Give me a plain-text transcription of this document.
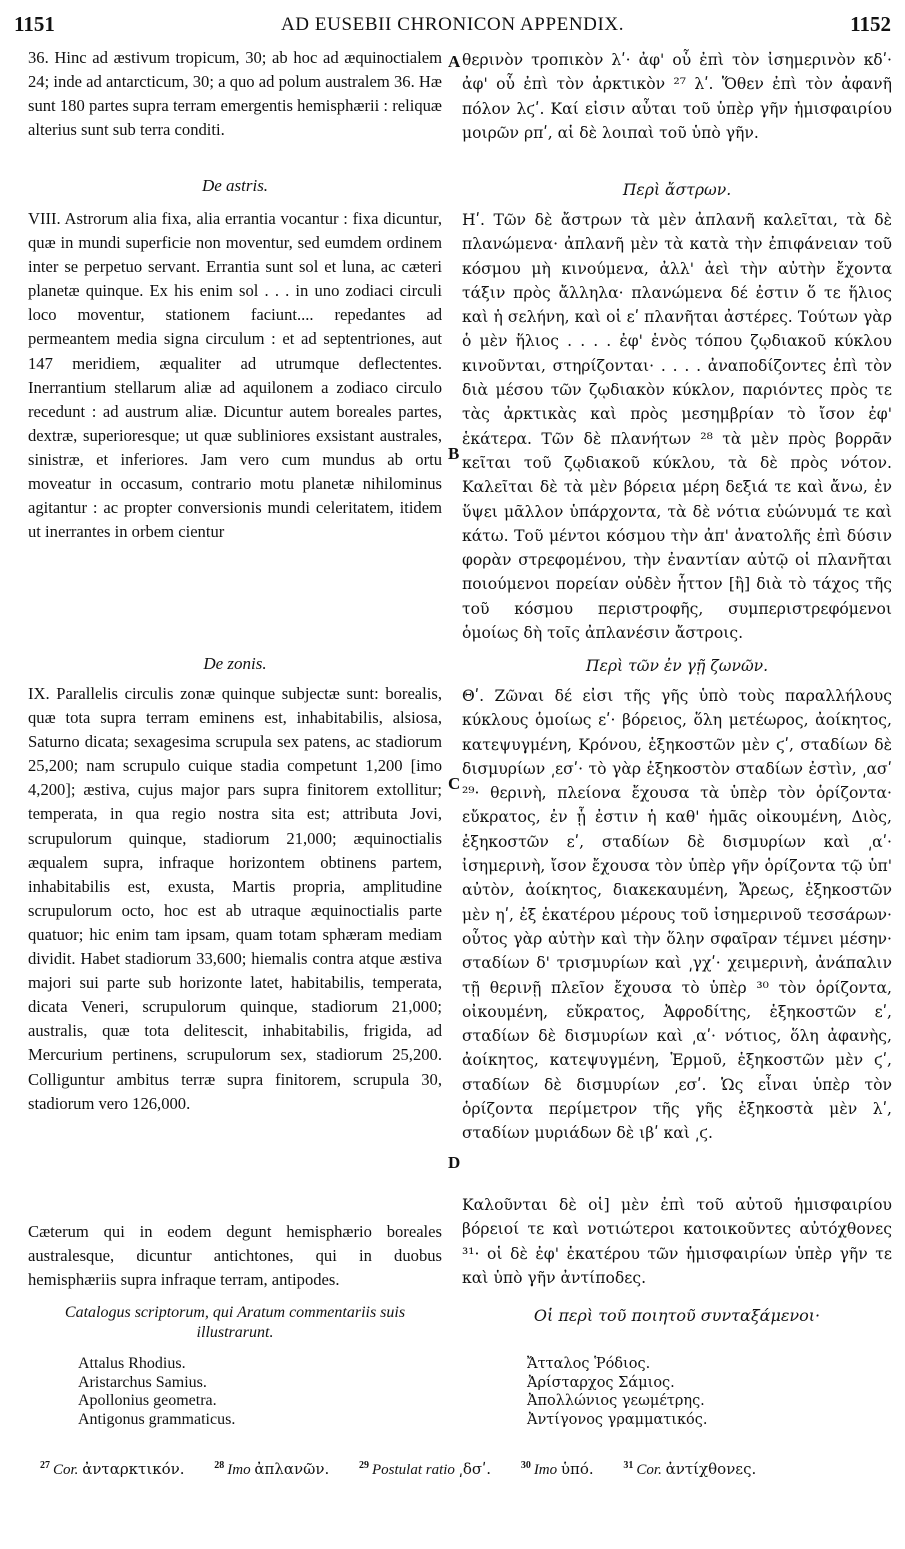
1151	AD EUSEBII CHRONICON APPENDIX.	1152
A
B
C
D
36. Hinc ad æstivum tropicum, 30; ab hoc ad æquinoctialem 24; inde ad antarcticum, 30; a quo ad polum australem 36. Hæ sunt 180 partes supra terram emergentis hemisphærii : reliquæ alterius sunt sub terra conditi.
De astris.
VIII. Astrorum alia fixa, alia errantia vocantur : fixa dicuntur, quæ in mundi superficie non moventur, sed eumdem ordinem inter se perpetuo servant. Errantia sunt sol et luna, ac cæteri planetæ quinque. Ex his enim sol . . . in uno zodiaci circuli loco moventur, stationem faciunt.... repedantes ad permeantem media signa circulum : et ad septentriones, aut 147 meridiem, æqualiter ad utrumque deflectentes. Inerrantium stellarum aliæ ad aquilonem a zodiaco circulo recedunt : ad austrum aliæ. Dicuntur autem boreales partes, dextræ, superioresque; ut quæ subliniores exsistant australes, sinistræ, et inferiores. Jam vero cum mundus ab ortu moveatur in occasum, contrario motu planetæ nihilominus agitantur : ac propter conversionis mundi celeritatem, itidem ut inerrantes in orbem cientur
De zonis.
IX. Parallelis circulis zonæ quinque subjectæ sunt: borealis, quæ tota supra terram eminens est, inhabitabilis, alsiosa, Saturno dicata; sexagesima scrupula sex patens, ac stadiorum 25,200; nam scrupulo cuique stadia competunt 1,200 [imo 4,200]; æstiva, cujus major pars supra finitorem extollitur; temperata, in qua regio nostra sita est; attributa Jovi, scrupulorum quinque, stadiorum 21,000; æquinoctialis æqualem supra, infraque horizontem obtinens partem, inhabitabilis est, exusta, Martis propria, amplitudine scrupulorum octo, hoc est ab utraque æquinoctialis parte quatuor; hic enim tam ipsam, quam totam sphæram mediam dividit. Habet stadiorum 33,600; hiemalis contra atque æstiva majori sui parte sub horizonte latet, habitabilis, temperata, dicata Veneri, scrupulorum quinque, stadiorum 21,000; australis, quæ tota delitescit, inhabitabilis, frigida, ad Mercurium pertinens, scrupulorum sex, stadiorum 25,200. Colliguntur ambitus terræ supra finitorem, scrupula 30, stadiorum vero 126,000.
Cæterum qui in eodem degunt hemisphærio boreales australesque, dicuntur antichtones, qui in duobus hemisphæriis supra infraque terram, antipodes.
Catalogus scriptorum, qui Aratum commentariis suis illustrarunt.
Attalus Rhodius.
Aristarchus Samius.
Apollonius geometra.
Antigonus grammaticus.
θερινὸν τροπικὸν λʹ· ἀφ' οὗ ἐπὶ τὸν ἰσημερινὸν κδʹ· ἀφ' οὗ ἐπὶ τὸν ἀρκτικὸν ²⁷ λʹ. Ὅθεν ἐπὶ τὸν ἀφανῆ πόλον λϛʹ. Καί εἰσιν αὗται τοῦ ὑπὲρ γῆν ἡμισφαιρίου μοιρῶν ρπʹ, αἱ δὲ λοιπαὶ τοῦ ὑπὸ γῆν.
Περὶ ἄστρων.
Ηʹ. Τῶν δὲ ἄστρων τὰ μὲν ἀπλανῆ καλεῖται, τὰ δὲ πλανώμενα· ἀπλανῆ μὲν τὰ κατὰ τὴν ἐπιφάνειαν τοῦ κόσμου μὴ κινούμενα, ἀλλ' ἀεὶ τὴν αὐτὴν ἔχοντα τάξιν πρὸς ἄλληλα· πλανώμενα δέ ἐστιν ὅ τε ἥλιος καὶ ἡ σελήνη, καὶ οἱ εʹ πλανῆται ἀστέρες. Τούτων γὰρ ὁ μὲν ἥλιος . . . . ἐφ' ἑνὸς τόπου ζῳδιακοῦ κύκλου κινοῦνται, στηρίζονται· . . . . ἀναποδίζοντες ἐπὶ τὸν διὰ μέσου τῶν ζῳδιακὸν κύκλον, παριόντες πρὸς τε τὰς ἀρκτικὰς καὶ πρὸς μεσημβρίαν τὸ ἴσον ἐφ' ἑκάτερα. Τῶν δὲ πλανήτων ²⁸ τὰ μὲν πρὸς βορρᾶν κεῖται τοῦ ζῳδιακοῦ κύκλου, τὰ δὲ πρὸς νότον. Καλεῖται δὲ τὰ μὲν βόρεια μέρη δεξιά τε καὶ ἄνω, ἐν ὕψει μᾶλλον ὑπάρχοντα, τὰ δὲ νότια εὐώνυμά τε καὶ κάτω. Τοῦ μέντοι κόσμου τὴν ἀπ' ἀνατολῆς ἐπὶ δύσιν φορὰν στρεφομένου, τὴν ἐναντίαν αὐτῷ οἱ πλανῆται ποιούμενοι πορείαν οὐδὲν ἧττον [ἢ] διὰ τὸ τάχος τῆς τοῦ κόσμου περιστροφῆς, συμπεριστρεφόμενοι ὁμοίως δὴ τοῖς ἀπλανέσιν ἄστροις.
Περὶ τῶν ἐν γῇ ζωνῶν.
Θʹ. Ζῶναι δέ εἰσι τῆς γῆς ὑπὸ τοὺς παραλλήλους κύκλους ὁμοίως εʹ· βόρειος, ὅλη μετέωρος, ἀοίκητος, κατεψυγμένη, Κρόνου, ἑξηκοστῶν μὲν ϛʹ, σταδίων δὲ δισμυρίων ͵εσʹ· τὸ γὰρ ἑξηκοστὸν σταδίων ἐστὶν, ͵ασʹ ²⁹· θερινὴ, πλείονα ἔχουσα τὰ ὑπὲρ τὸν ὁρίζοντα· εὔκρατος, ἐν ᾗ ἐστιν ἡ καθ' ἡμᾶς οἰκουμένη, Διὸς, ἑξηκοστῶν εʹ, σταδίων δὲ δισμυρίων καὶ ͵αʹ· ἰσημερινὴ, ἴσον ἔχουσα τὸν ὑπὲρ γῆν ὁρίζοντα τῷ ὑπ' αὐτὸν, ἀοίκητος, διακεκαυμένη, Ἄρεως, ἑξηκοστῶν μὲν ηʹ, ἐξ ἑκατέρου μέρους τοῦ ἰσημερινοῦ τεσσάρων· οὗτος γὰρ αὐτὴν καὶ τὴν ὅλην σφαῖραν τέμνει μέσην· σταδίων δ' τρισμυρίων καὶ ͵γχʹ· χειμερινὴ, ἀνάπαλιν τῇ θερινῇ πλεῖον ἔχουσα τὸ ὑπὲρ ³⁰ τὸν ὁρίζοντα, οἰκουμένη, εὔκρατος, Ἀφροδίτης, ἑξηκοστῶν εʹ, σταδίων δὲ δισμυρίων καὶ ͵αʹ· νότιος, ὅλη ἀφανὴς, ἀοίκητος, κατεψυγμένη, Ἑρμοῦ, ἑξηκοστῶν μὲν ϛʹ, σταδίων δὲ δισμυρίων ͵εσʹ. Ὡς εἶναι ὑπὲρ τὸν ὁρίζοντα περίμετρον τῆς γῆς ἑξηκοστὰ μὲν λʹ, σταδίων μυριάδων δὲ ιβʹ καὶ ͵ϛ.
Καλοῦνται δὲ οἱ] μὲν ἐπὶ τοῦ αὐτοῦ ἡμισφαιρίου βόρειοί τε καὶ νοτιώτεροι κατοικοῦντες αὐτόχθονες ³¹· οἱ δὲ ἐφ' ἑκατέρου τῶν ἡμισφαιρίων ὑπὲρ γῆν τε καὶ ὑπὸ γῆν ἀντίποδες.
Οἱ περὶ τοῦ ποιητοῦ συνταξάμενοι·
Ἄτταλος Ῥόδιος.
Ἀρίσταρχος Σάμιος.
Ἀπολλώνιος γεωμέτρης.
Ἀντίγονος γραμματικός.
$^{27}$ Cor. ἀνταρκτικόν.	$^{28}$ Imo ἀπλανῶν.	$^{29}$ Postulat ratio ͵δσʹ.	$^{30}$ Imo ὑπό.	$^{31}$ Cor. ἀντίχθονες.
